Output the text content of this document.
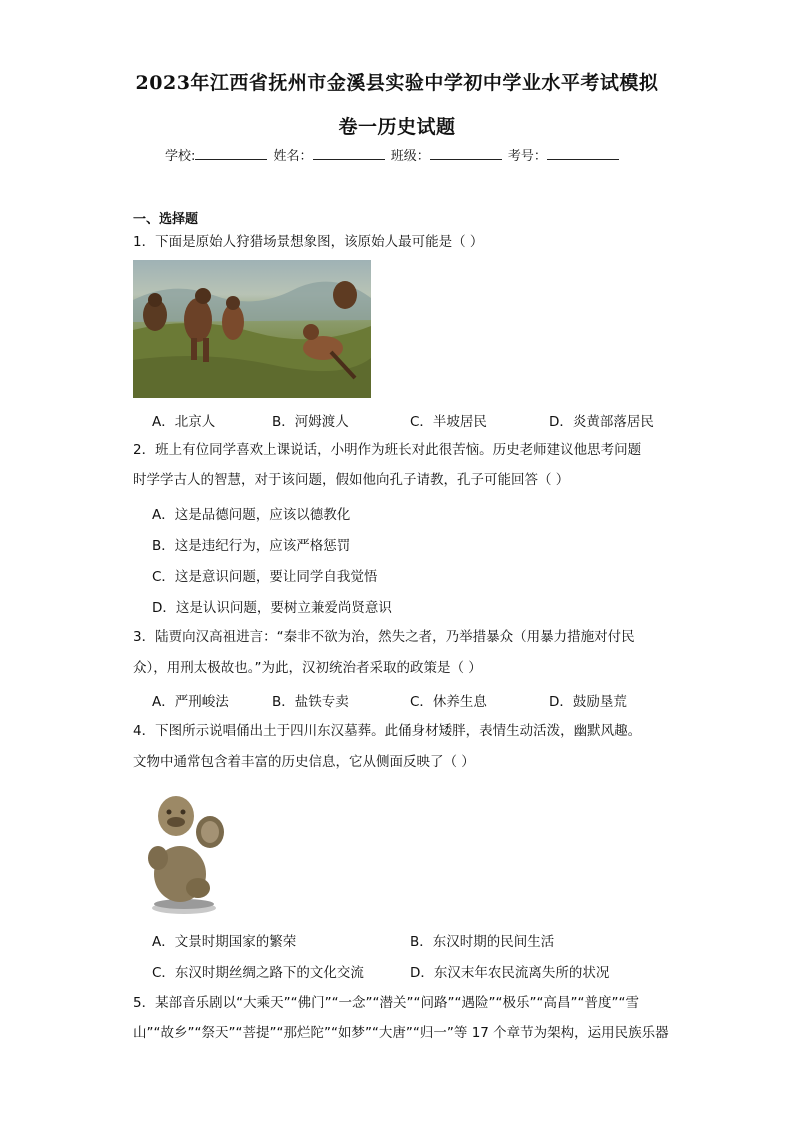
2023年江西省抚州市金溪县实验中学初中学业水平考试模拟
卷一历史试题
学校:	姓名：	班级：	考号：
一、选择题
1．下面是原始人狩猎场景想象图，该原始人最可能是（ ）
A．北京人	B．河姆渡人	C．半坡居民	D．炎黄部落居民
2．班上有位同学喜欢上课说话，小明作为班长对此很苦恼。历史老师建议他思考问题
时学学古人的智慧，对于该问题，假如他向孔子请教，孔子可能回答（ ）
A．这是品德问题，应该以德教化
B．这是违纪行为，应该严格惩罚
C．这是意识问题，要让同学自我觉悟
D．这是认识问题，要树立兼爱尚贤意识
3．陆贾向汉高祖进言：“秦非不欲为治，然失之者，乃举措暴众（用暴力措施对付民
众），用刑太极故也。”为此，汉初统治者采取的政策是（ ）
A．严刑峻法	B．盐铁专卖	C．休养生息	D．鼓励垦荒
4．下图所示说唱俑出土于四川东汉墓葬。此俑身材矮胖，表情生动活泼，幽默风趣。
文物中通常包含着丰富的历史信息，它从侧面反映了（ ）
A．文景时期国家的繁荣	B．东汉时期的民间生活
C．东汉时期丝绸之路下的文化交流	D．东汉末年农民流离失所的状况
5．某部音乐剧以“大乘天”“佛门”“一念”“潜关”“问路”“遇险”“极乐”“高昌”“普度”“雪
山”“故乡”“祭天”“菩提”“那烂陀”“如梦”“大唐”“归一”等 17 个章节为架构，运用民族乐器
